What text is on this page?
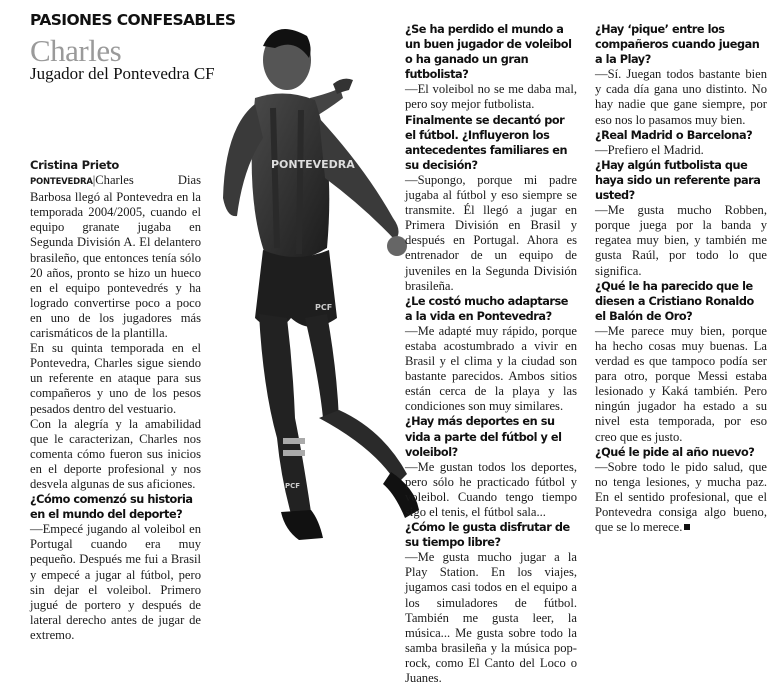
PASIONES CONFESABLES
Charles
Jugador del Pontevedra CF
PONTEVEDRA
PCF
PCF
Cristina Prieto

PONTEVEDRA|Charles Dias Barbosa llegó al Pontevedra en la temporada 2004/2005, cuando el equipo granate jugaba en Segunda División A. El delantero brasileño, que entonces tenía sólo 20 años, pronto se hizo un hueco en el equipo pontevedrés y ha logrado convertirse poco a poco en uno de los jugadores más carismáticos de la plantilla.

En su quinta temporada en el Pontevedra, Charles sigue siendo un referente en ataque para sus compañeros y uno de los pesos pesados dentro del vestuario.

Con la alegría y la amabilidad que le caracterizan, Charles nos comenta cómo fueron sus inicios en el deporte profesional y nos desvela algunas de sus aficiones.

¿Cómo comenzó su historia en el mundo del deporte?

—Empecé jugando al voleibol en Portugal cuando era muy pequeño. Después me fui a Brasil y empecé a jugar al fútbol, pero sin dejar el voleibol. Primero jugué de portero y después de lateral derecho antes de jugar de extremo.

¿Se ha perdido el mundo a un buen jugador de voleibol o ha ganado un gran futbolista?

—El voleibol no se me daba mal, pero soy mejor futbolista.

Finalmente se decantó por el fútbol. ¿Influyeron los antecedentes familiares en su decisión?

—Supongo, porque mi padre jugaba al fútbol y eso siempre se transmite. Él llegó a jugar en Primera División en Brasil y después en Portugal. Ahora es entrenador de un equipo de juveniles en la Segunda División brasileña.

¿Le costó mucho adaptarse a la vida en Pontevedra?

—Me adapté muy rápido, porque estaba acostumbrado a vivir en Brasil y el clima y la ciudad son bastante parecidos. Ambos sitios están cerca de la playa y las condiciones son muy similares.

¿Hay más deportes en su vida a parte del fútbol y el voleibol?

—Me gustan todos los deportes, pero sólo he practicado fútbol y voleibol. Cuando tengo tiempo sigo el tenis, el fútbol sala...

¿Cómo le gusta disfrutar de su tiempo libre?

—Me gusta mucho jugar a la Play Station. En los viajes, jugamos casi todos en el equipo a los simuladores de fútbol. También me gusta leer, la música... Me gusta sobre todo la samba brasileña y la música pop-rock, como El Canto del Loco o Juanes.

¿Hay ‘pique’ entre los compañeros cuando juegan a la Play?

—Sí. Juegan todos bastante bien y cada día gana uno distinto. No hay nadie que gane siempre, por eso nos lo pasamos muy bien.

¿Real Madrid o Barcelona?

—Prefiero el Madrid.

¿Hay algún futbolista que haya sido un referente para usted?

—Me gusta mucho Robben, porque juega por la banda y regatea muy bien, y también me gusta Raúl, por todo lo que significa.

¿Qué le ha parecido que le diesen a Cristiano Ronaldo el Balón de Oro?

—Me parece muy bien, porque ha hecho cosas muy buenas. La verdad es que tampoco podía ser para otro, porque Messi estaba lesionado y Kaká también. Pero ningún jugador ha estado a su nivel esta temporada, por eso creo que es justo.

¿Qué le pide al año nuevo?

—Sobre todo le pido salud, que no tenga lesiones, y mucha paz. En el sentido profesional, que el Pontevedra consiga algo bueno, que se lo merece.
